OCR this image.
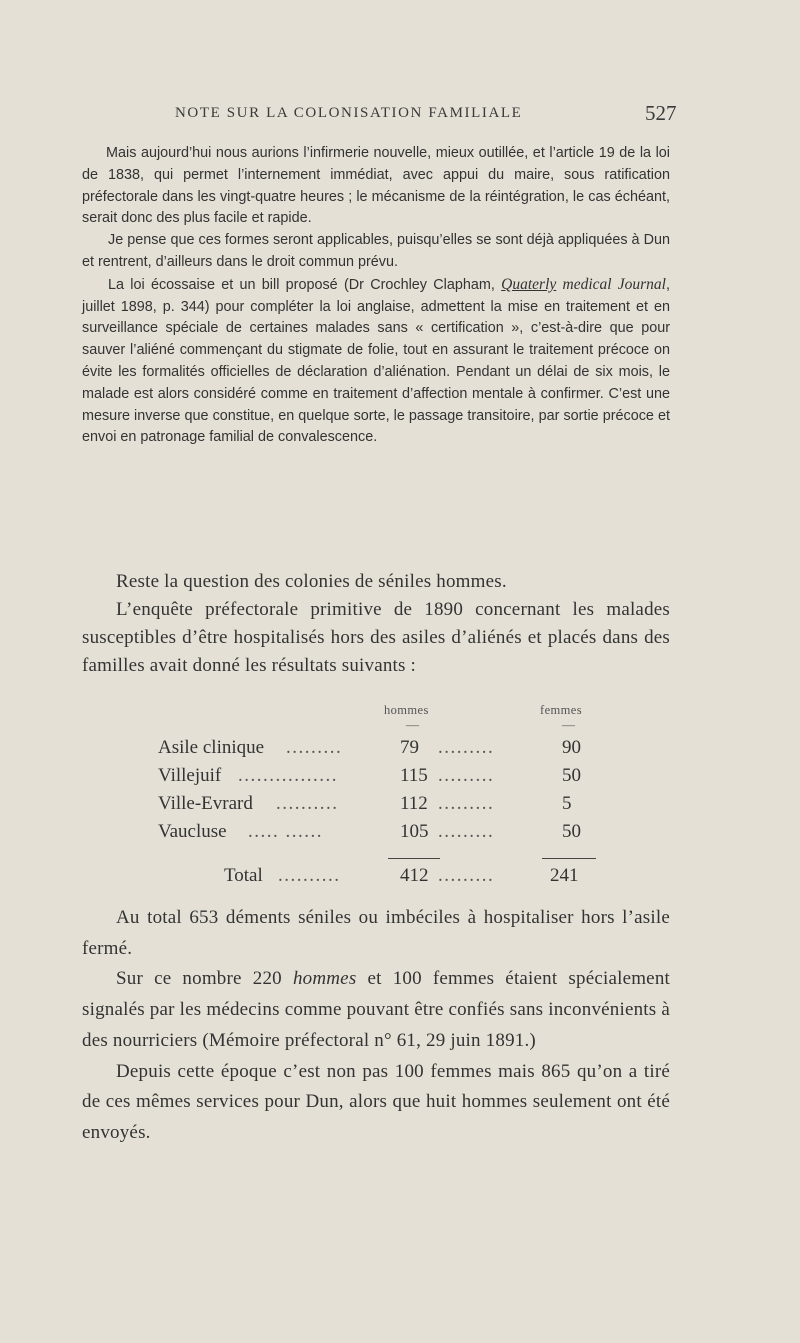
NOTE SUR LA COLONISATION FAMILIALE	527

Mais aujourd’hui nous aurions l’infirmerie nouvelle, mieux outillée, et l’article 19 de la loi de 1838, qui permet l’internement immédiat, avec appui du maire, sous ratification préfectorale dans les vingt-quatre heures ; le mécanisme de la réintégration, le cas échéant, serait donc des plus facile et rapide.

Je pense que ces formes seront applicables, puisqu’elles se sont déjà appliquées à Dun et rentrent, d’ailleurs dans le droit commun prévu.

La loi écossaise et un bill proposé (Dr Crochley Clapham, Quaterly medical Journal, juillet 1898, p. 344) pour compléter la loi anglaise, admettent la mise en traitement et en surveillance spéciale de certaines malades sans « certification », c’est-à-dire que pour sauver l’aliéné commençant du stigmate de folie, tout en assurant le traitement précoce on évite les formalités officielles de déclaration d’aliénation. Pendant un délai de six mois, le malade est alors considéré comme en traitement d’affection mentale à confirmer. C’est une mesure inverse que constitue, en quelque sorte, le passage transitoire, par sortie précoce et envoi en patronage familial de convalescence.

Reste la question des colonies de séniles hommes.

L’enquête préfectorale primitive de 1890 concernant les malades susceptibles d’être hospitalisés hors des asiles d’aliénés et placés dans des familles avait donné les résultats suivants :

hommes	femmes
—	—
Asile clinique .........	79 .........	90
Villejuif ................	115 .........	50
Ville-Evrard ..........	112 .........	5
Vaucluse ..... ......	105 .........	50
Total ..........	412 .........	241

Au total 653 déments séniles ou imbéciles à hospitaliser hors l’asile fermé.

Sur ce nombre 220 hommes et 100 femmes étaient spécialement signalés par les médecins comme pouvant être confiés sans inconvénients à des nourriciers (Mémoire préfectoral n° 61, 29 juin 1891.)

Depuis cette époque c’est non pas 100 femmes mais 865 qu’on a tiré de ces mêmes services pour Dun, alors que huit hommes seulement ont été envoyés.
